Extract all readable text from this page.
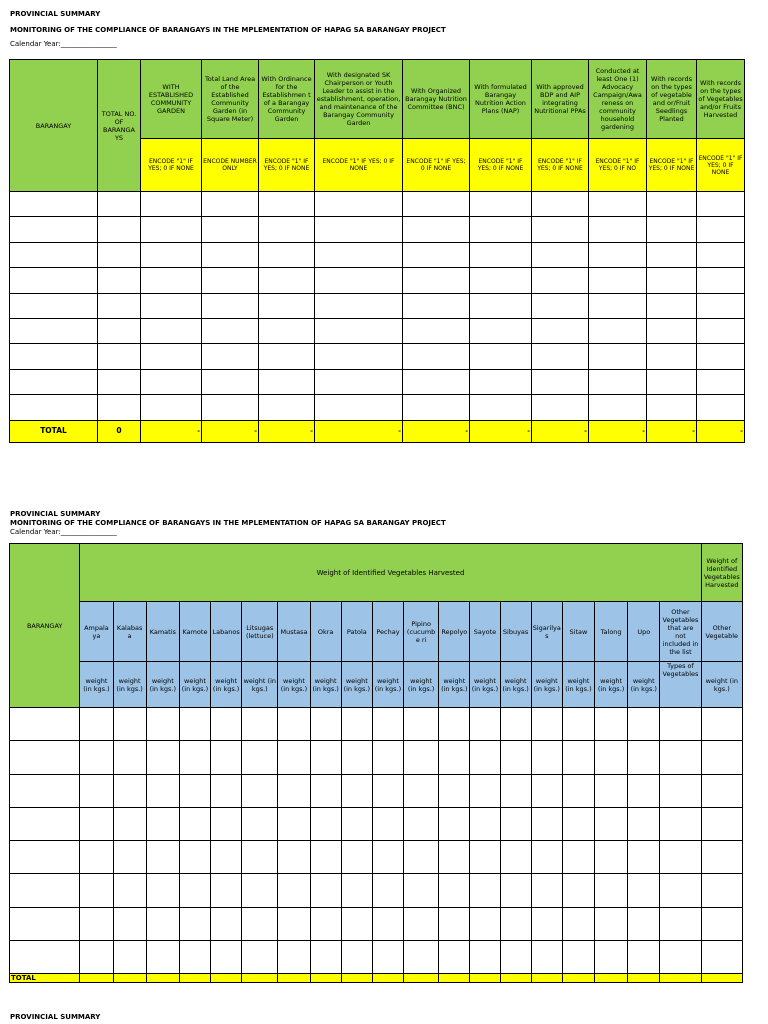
PROVINCIAL SUMMARY
MONITORING OF THE COMPLIANCE OF BARANGAYS IN THE MPLEMENTATION OF HAPAG SA BARANGAY PROJECT
Calendar Year:________________
BARANGAY	TOTAL NO. OF BARANGA YS	WITH ESTABLISHED COMMUNITY GARDEN	Total Land Area of the Established Community Garden (in Square Meter)	With Ordinance for the Establishmen t of a Barangay Community Garden	With designated SK Chairperson or Youth Leader to assist in the establishment, operation, and maintenance of the Barangay Community Garden	With Organized Barangay Nutrition Committee (BNC)	With formulated Barangay Nutrition Action Plans (NAP)	With approved BDP and AIP integrating Nutritional PPAs	Conducted at least One (1) Advocacy Campaign/Awa reness on community household gardening	With records on the types of vegetable and or/Fruit Seedlings Planted	With records on the types of Vegetables and/or Fruits Harvested
		ENCODE "1" IF YES; 0 IF NONE	ENCODE NUMBER ONLY	ENCODE "1" IF YES; 0 IF NONE	ENCODE "1" IF YES; 0 IF NONE	ENCODE "1" IF YES; 0 IF NONE	ENCODE "1" IF YES; 0 IF NONE	ENCODE "1" IF YES; 0 IF NONE	ENCODE "1" IF YES; 0 IF NO	ENCODE "1" IF YES; 0 IF NONE	ENCODE "1" IF YES; 0 IF NONE

TOTAL	0	-	-	-	-	-	-	-	-	-	-
PROVINCIAL SUMMARY
MONITORING OF THE COMPLIANCE OF BARANGAYS IN THE MPLEMENTATION OF HAPAG SA BARANGAY PROJECT
Calendar Year:________________
BARANGAY	Weight of Identified Vegetables Harvested																			Weight of Identified Vegetables Harvested
	Ampala ya	Kalabas a	Kamatis	Kamote	Labanos	Litsugas (lettuce)	Mustasa	Okra	Patola	Pechay	Pipino (cucumbe ri	Repolyo	Sayote	Sibuyas	Sigarilya s	Sitaw	Talong	Upo	Other Vegetables that are not included in the list	Other Vegetable
	weight (in kgs.)	weight (in kgs.)	weight (in kgs.)	weight (in kgs.)	weight (in kgs.)	weight (in kgs.)	weight (in kgs.)	weight (in kgs.)	weight (in kgs.)	weight (in kgs.)	weight (in kgs.)	weight (in kgs.)	weight (in kgs.)	weight (in kgs.)	weight (in kgs.)	weight (in kgs.)	weight (in kgs.)	weight (in kgs.)	Types of Vegetables	weight (in kgs.)

TOTAL																				
PROVINCIAL SUMMARY
